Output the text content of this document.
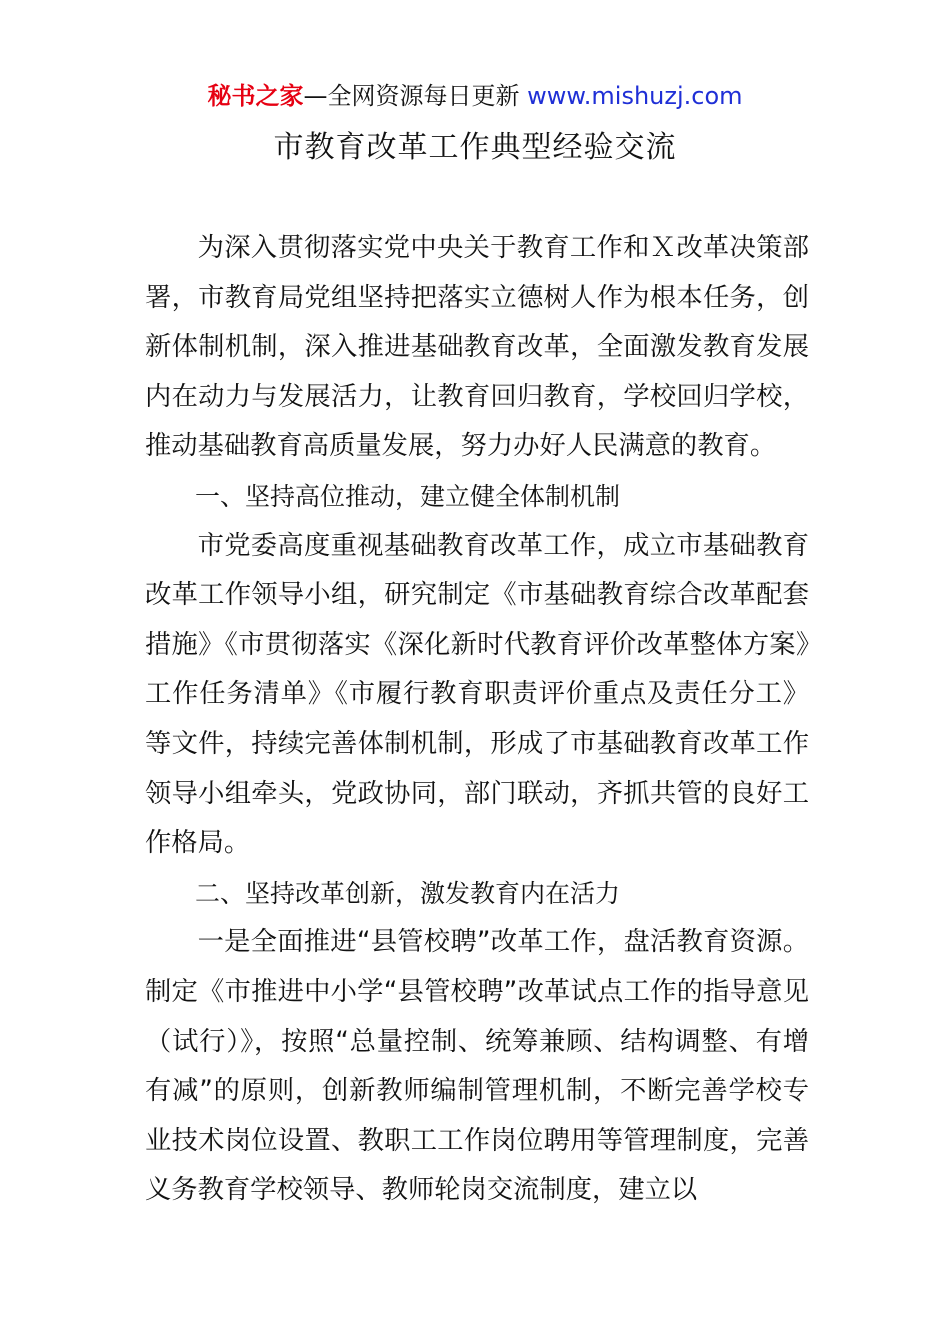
秘书之家—全网资源每日更新 www.mishuzj.com
市教育改革工作典型经验交流

为深入贯彻落实党中央关于教育工作和Ｘ改革决策部署，市教育局党组坚持把落实立德树人作为根本任务，创新体制机制，深入推进基础教育改革，全面激发教育发展内在动力与发展活力，让教育回归教育，学校回归学校，推动基础教育高质量发展，努力办好人民满意的教育。

一、坚持高位推动，建立健全体制机制

市党委高度重视基础教育改革工作，成立市基础教育改革工作领导小组，研究制定《市基础教育综合改革配套措施》《市贯彻落实《深化新时代教育评价改革整体方案》工作任务清单》《市履行教育职责评价重点及责任分工》等文件，持续完善体制机制，形成了市基础教育改革工作领导小组牵头，党政协同，部门联动，齐抓共管的良好工作格局。

二、坚持改革创新，激发教育内在活力

一是全面推进“县管校聘”改革工作，盘活教育资源。制定《市推进中小学“县管校聘”改革试点工作的指导意见（试行）》，按照“总量控制、统筹兼顾、结构调整、有增有减”的原则，创新教师编制管理机制，不断完善学校专业技术岗位设置、教职工工作岗位聘用等管理制度，完善义务教育学校领导、教师轮岗交流制度，建立以
